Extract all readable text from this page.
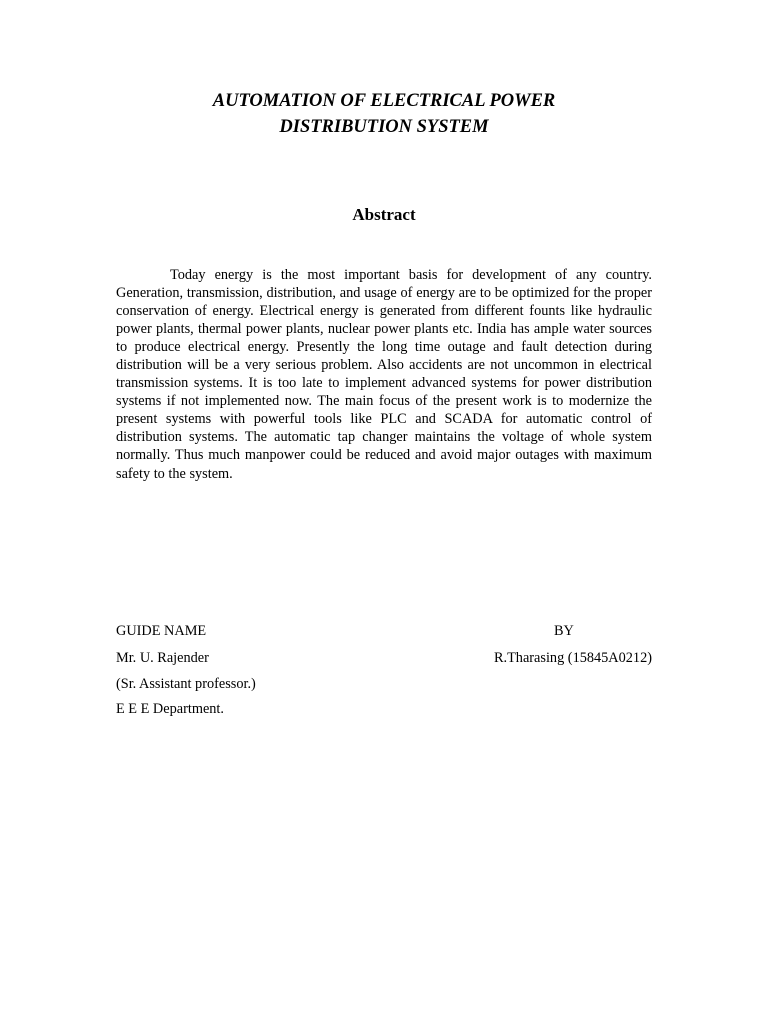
AUTOMATION OF ELECTRICAL POWER
DISTRIBUTION SYSTEM
Abstract

Today energy is the most important basis for development of any country. Generation, transmission, distribution, and usage of energy are to be optimized for the proper conservation of energy. Electrical energy is generated from different founts like hydraulic power plants, thermal power plants, nuclear power plants etc. India has ample water sources to produce electrical energy. Presently the long time outage and fault detection during distribution will be a very serious problem. Also accidents are not uncommon in electrical transmission systems. It is too late to implement advanced systems for power distribution systems if not implemented now. The main focus of the present work is to modernize the present systems with powerful tools like PLC and SCADA for automatic control of distribution systems. The automatic tap changer maintains the voltage of whole system normally. Thus much manpower could be reduced and avoid major outages with maximum safety to the system.

GUIDE NAME
Mr. U. Rajender
(Sr. Assistant professor.)
E E E Department.
BY
R.Tharasing (15845A0212)
